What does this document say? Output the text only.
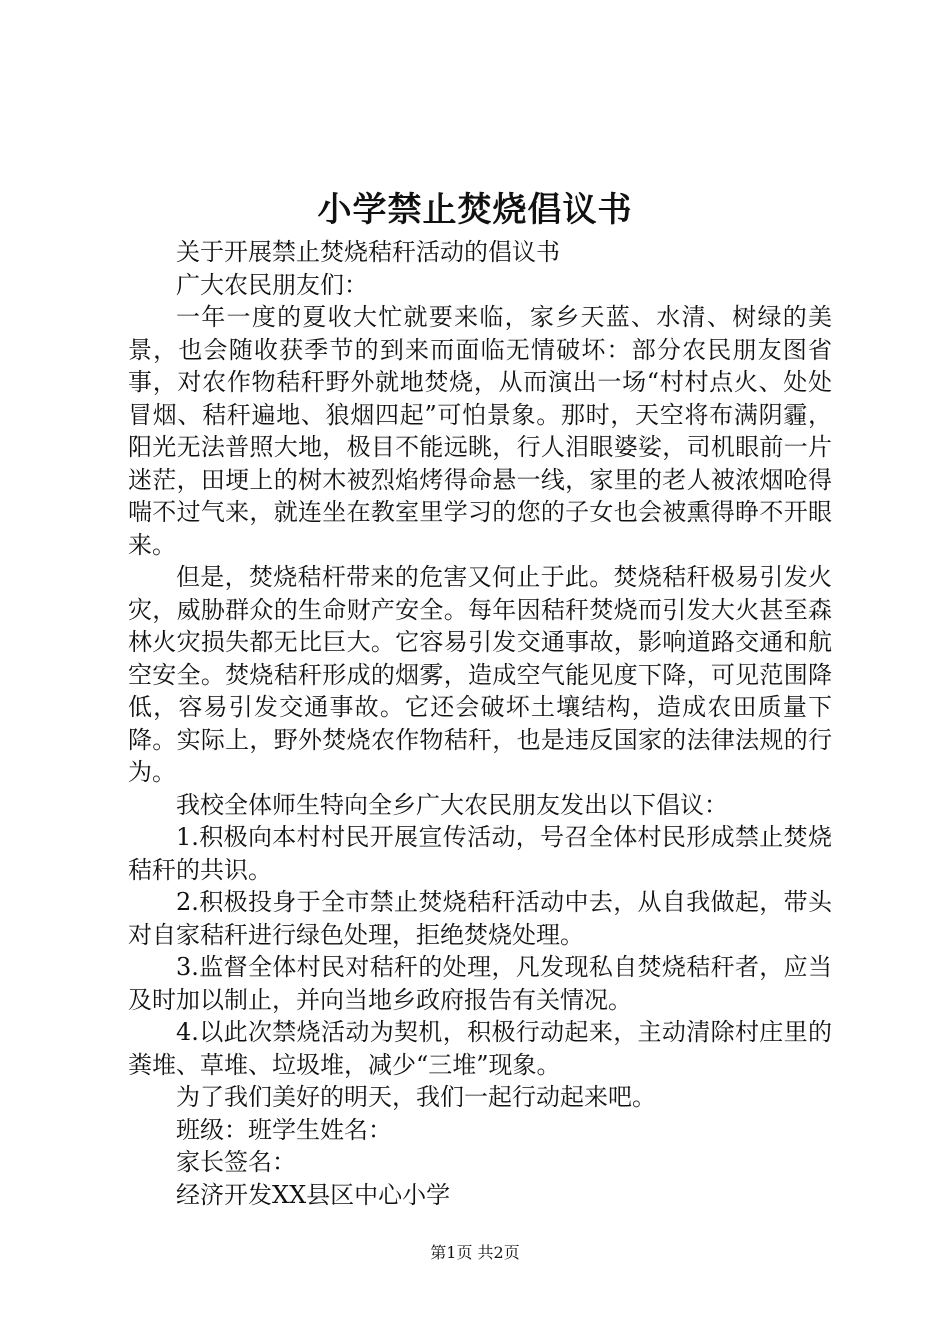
小学禁止焚烧倡议书

关于开展禁止焚烧秸秆活动的倡议书

广大农民朋友们：

一年一度的夏收大忙就要来临，家乡天蓝、水清、树绿的美景，也会随收获季节的到来而面临无情破坏：部分农民朋友图省事，对农作物秸秆野外就地焚烧，从而演出一场“村村点火、处处冒烟、秸秆遍地、狼烟四起”可怕景象。那时，天空将布满阴霾，阳光无法普照大地，极目不能远眺，行人泪眼婆娑，司机眼前一片迷茫，田埂上的树木被烈焰烤得命悬一线，家里的老人被浓烟呛得喘不过气来，就连坐在教室里学习的您的子女也会被熏得睁不开眼来。

但是，焚烧秸杆带来的危害又何止于此。焚烧秸秆极易引发火灾，威胁群众的生命财产安全。每年因秸秆焚烧而引发大火甚至森林火灾损失都无比巨大。它容易引发交通事故，影响道路交通和航空安全。焚烧秸秆形成的烟雾，造成空气能见度下降，可见范围降低，容易引发交通事故。它还会破坏土壤结构，造成农田质量下降。实际上，野外焚烧农作物秸秆，也是违反国家的法律法规的行为。

我校全体师生特向全乡广大农民朋友发出以下倡议：

1.积极向本村村民开展宣传活动，号召全体村民形成禁止焚烧秸秆的共识。

2.积极投身于全市禁止焚烧秸秆活动中去，从自我做起，带头对自家秸秆进行绿色处理，拒绝焚烧处理。

3.监督全体村民对秸秆的处理，凡发现私自焚烧秸秆者，应当及时加以制止，并向当地乡政府报告有关情况。

4.以此次禁烧活动为契机，积极行动起来，主动清除村庄里的粪堆、草堆、垃圾堆，减少“三堆”现象。

为了我们美好的明天，我们一起行动起来吧。

班级：班学生姓名：

家长签名：

经济开发XX县区中心小学

第1页 共2页
